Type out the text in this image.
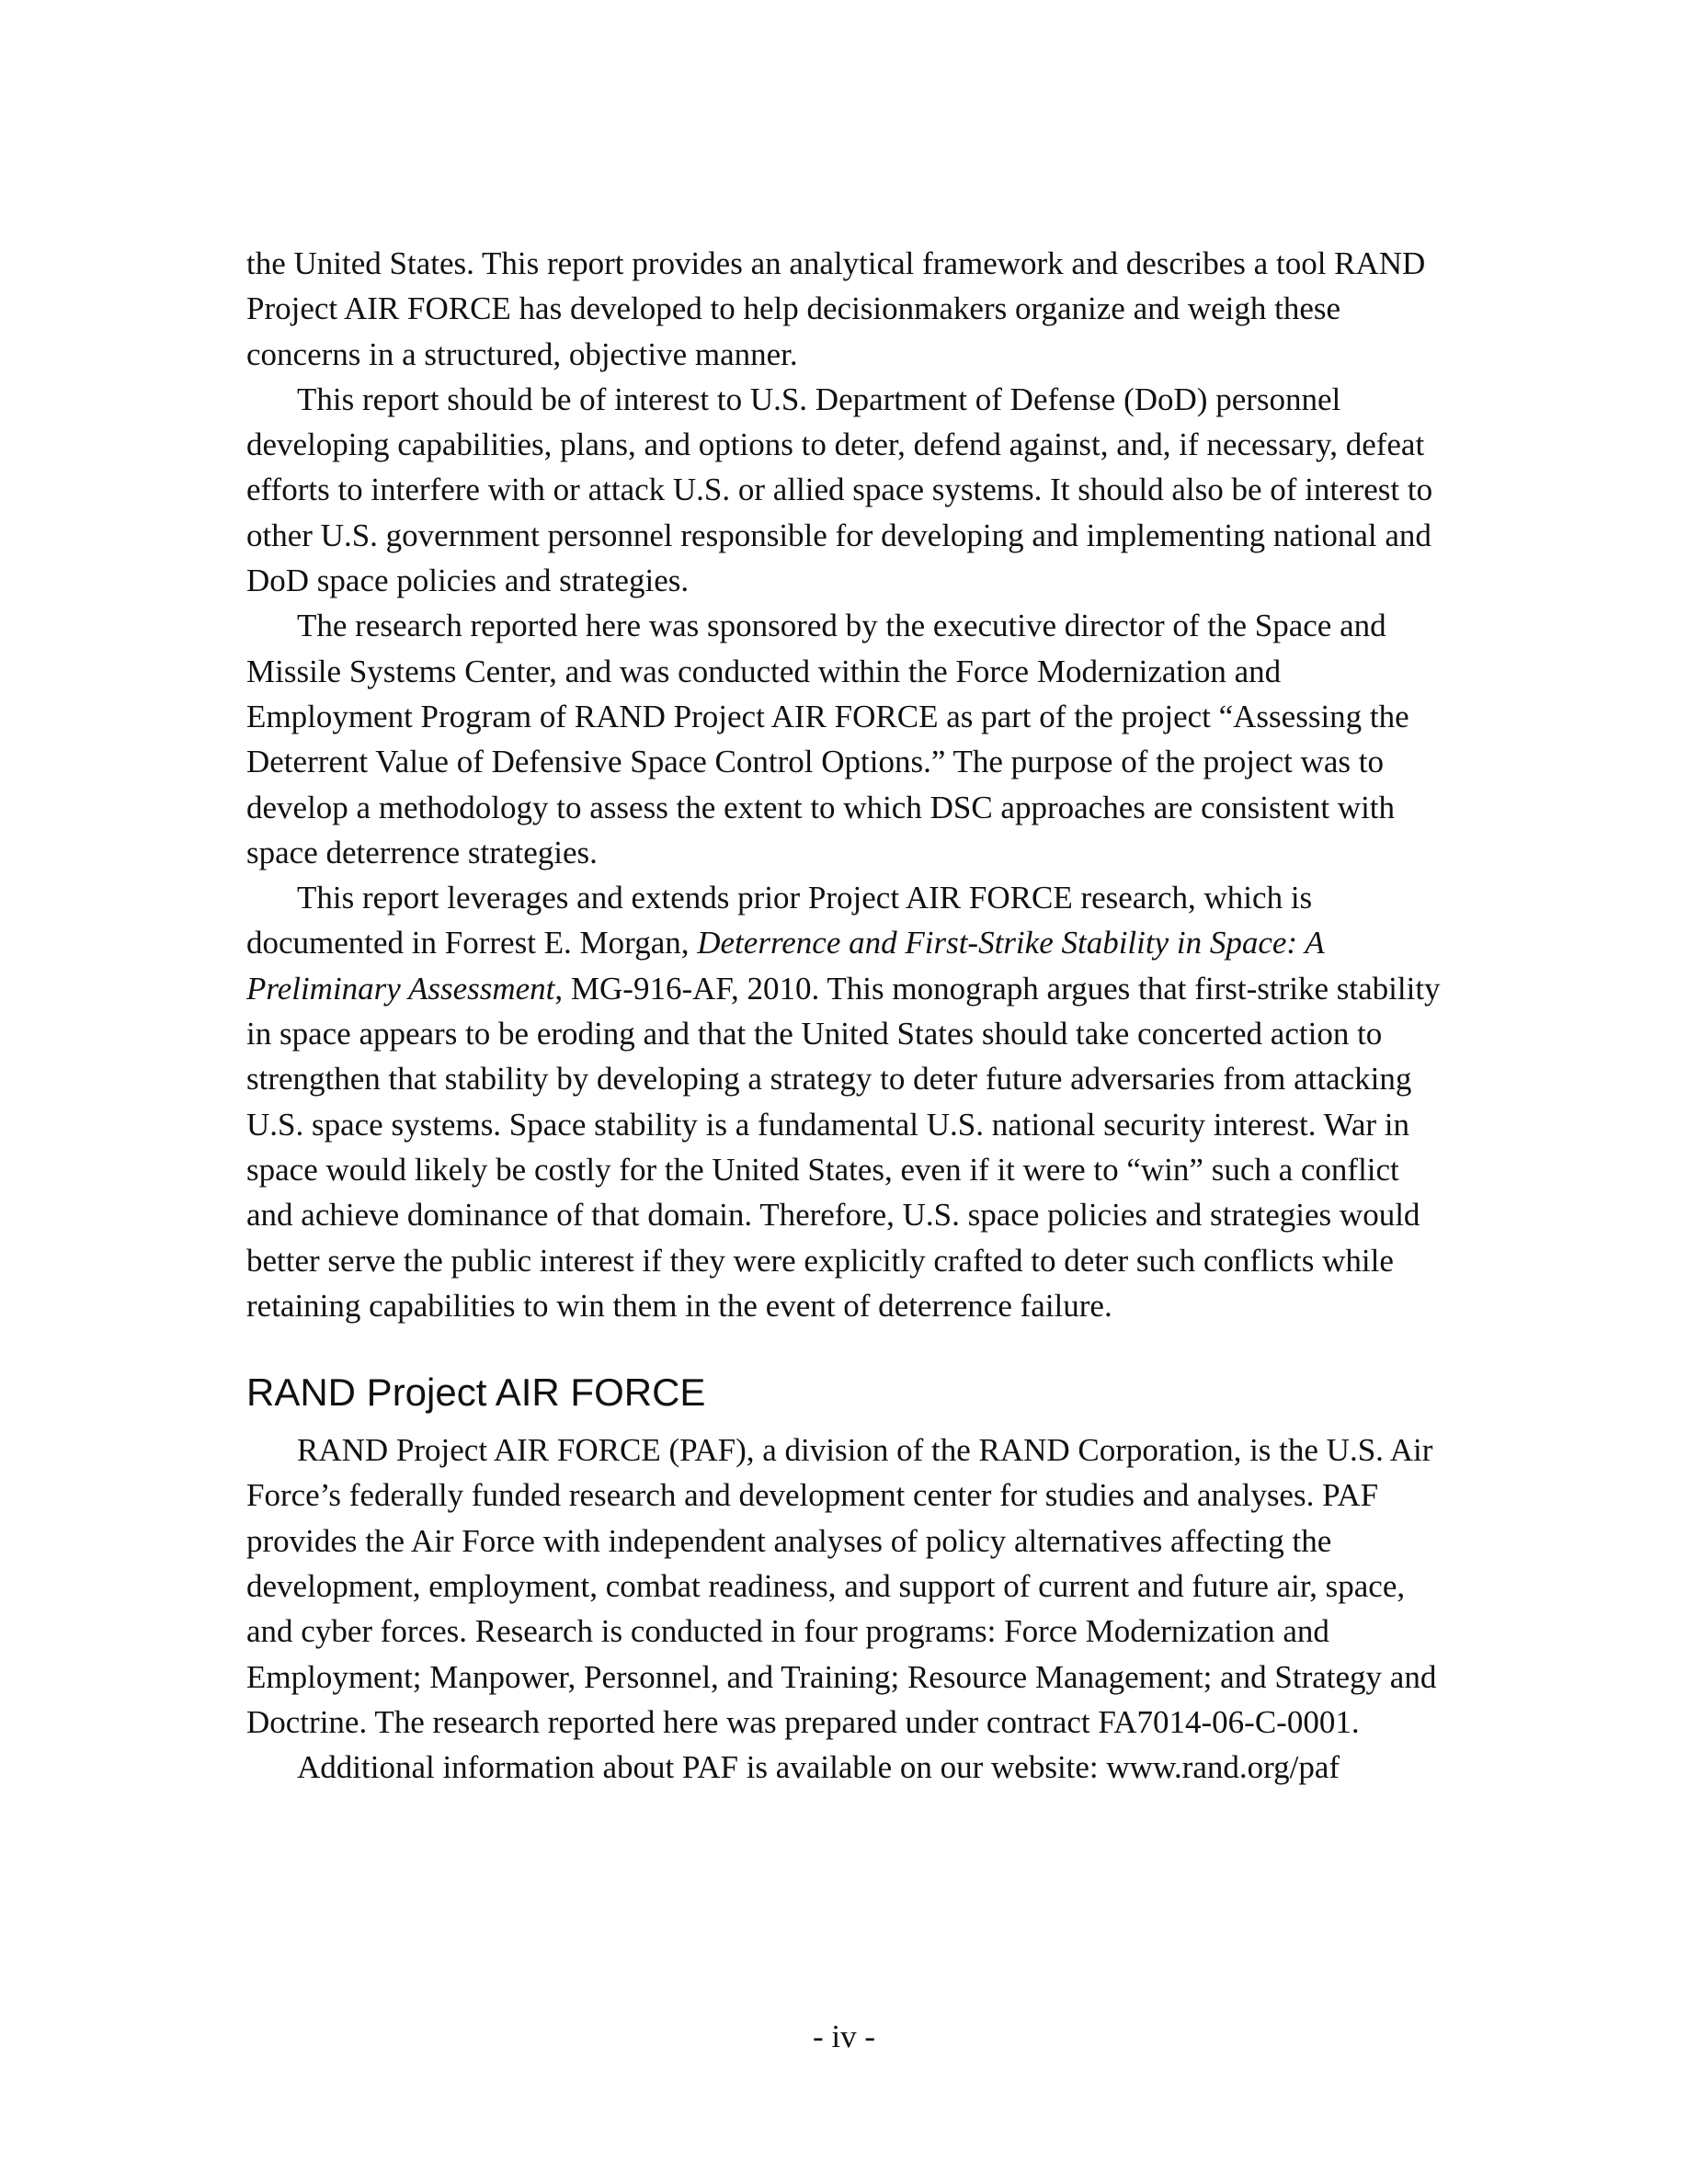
the United States. This report provides an analytical framework and describes a tool RAND Project AIR FORCE has developed to help decisionmakers organize and weigh these concerns in a structured, objective manner.

This report should be of interest to U.S. Department of Defense (DoD) personnel developing capabilities, plans, and options to deter, defend against, and, if necessary, defeat efforts to interfere with or attack U.S. or allied space systems. It should also be of interest to other U.S. government personnel responsible for developing and implementing national and DoD space policies and strategies.

The research reported here was sponsored by the executive director of the Space and Missile Systems Center, and was conducted within the Force Modernization and Employment Program of RAND Project AIR FORCE as part of the project “Assessing the Deterrent Value of Defensive Space Control Options.” The purpose of the project was to develop a methodology to assess the extent to which DSC approaches are consistent with space deterrence strategies.

This report leverages and extends prior Project AIR FORCE research, which is documented in Forrest E. Morgan, Deterrence and First-Strike Stability in Space: A Preliminary Assessment, MG-916-AF, 2010. This monograph argues that first-strike stability in space appears to be eroding and that the United States should take concerted action to strengthen that stability by developing a strategy to deter future adversaries from attacking U.S. space systems. Space stability is a fundamental U.S. national security interest. War in space would likely be costly for the United States, even if it were to “win” such a conflict and achieve dominance of that domain. Therefore, U.S. space policies and strategies would better serve the public interest if they were explicitly crafted to deter such conflicts while retaining capabilities to win them in the event of deterrence failure.

RAND Project AIR FORCE

RAND Project AIR FORCE (PAF), a division of the RAND Corporation, is the U.S. Air Force’s federally funded research and development center for studies and analyses. PAF provides the Air Force with independent analyses of policy alternatives affecting the development, employment, combat readiness, and support of current and future air, space, and cyber forces. Research is conducted in four programs: Force Modernization and Employment; Manpower, Personnel, and Training; Resource Management; and Strategy and Doctrine. The research reported here was prepared under contract FA7014-06-C-0001.

Additional information about PAF is available on our website: www.rand.org/paf

- iv -
